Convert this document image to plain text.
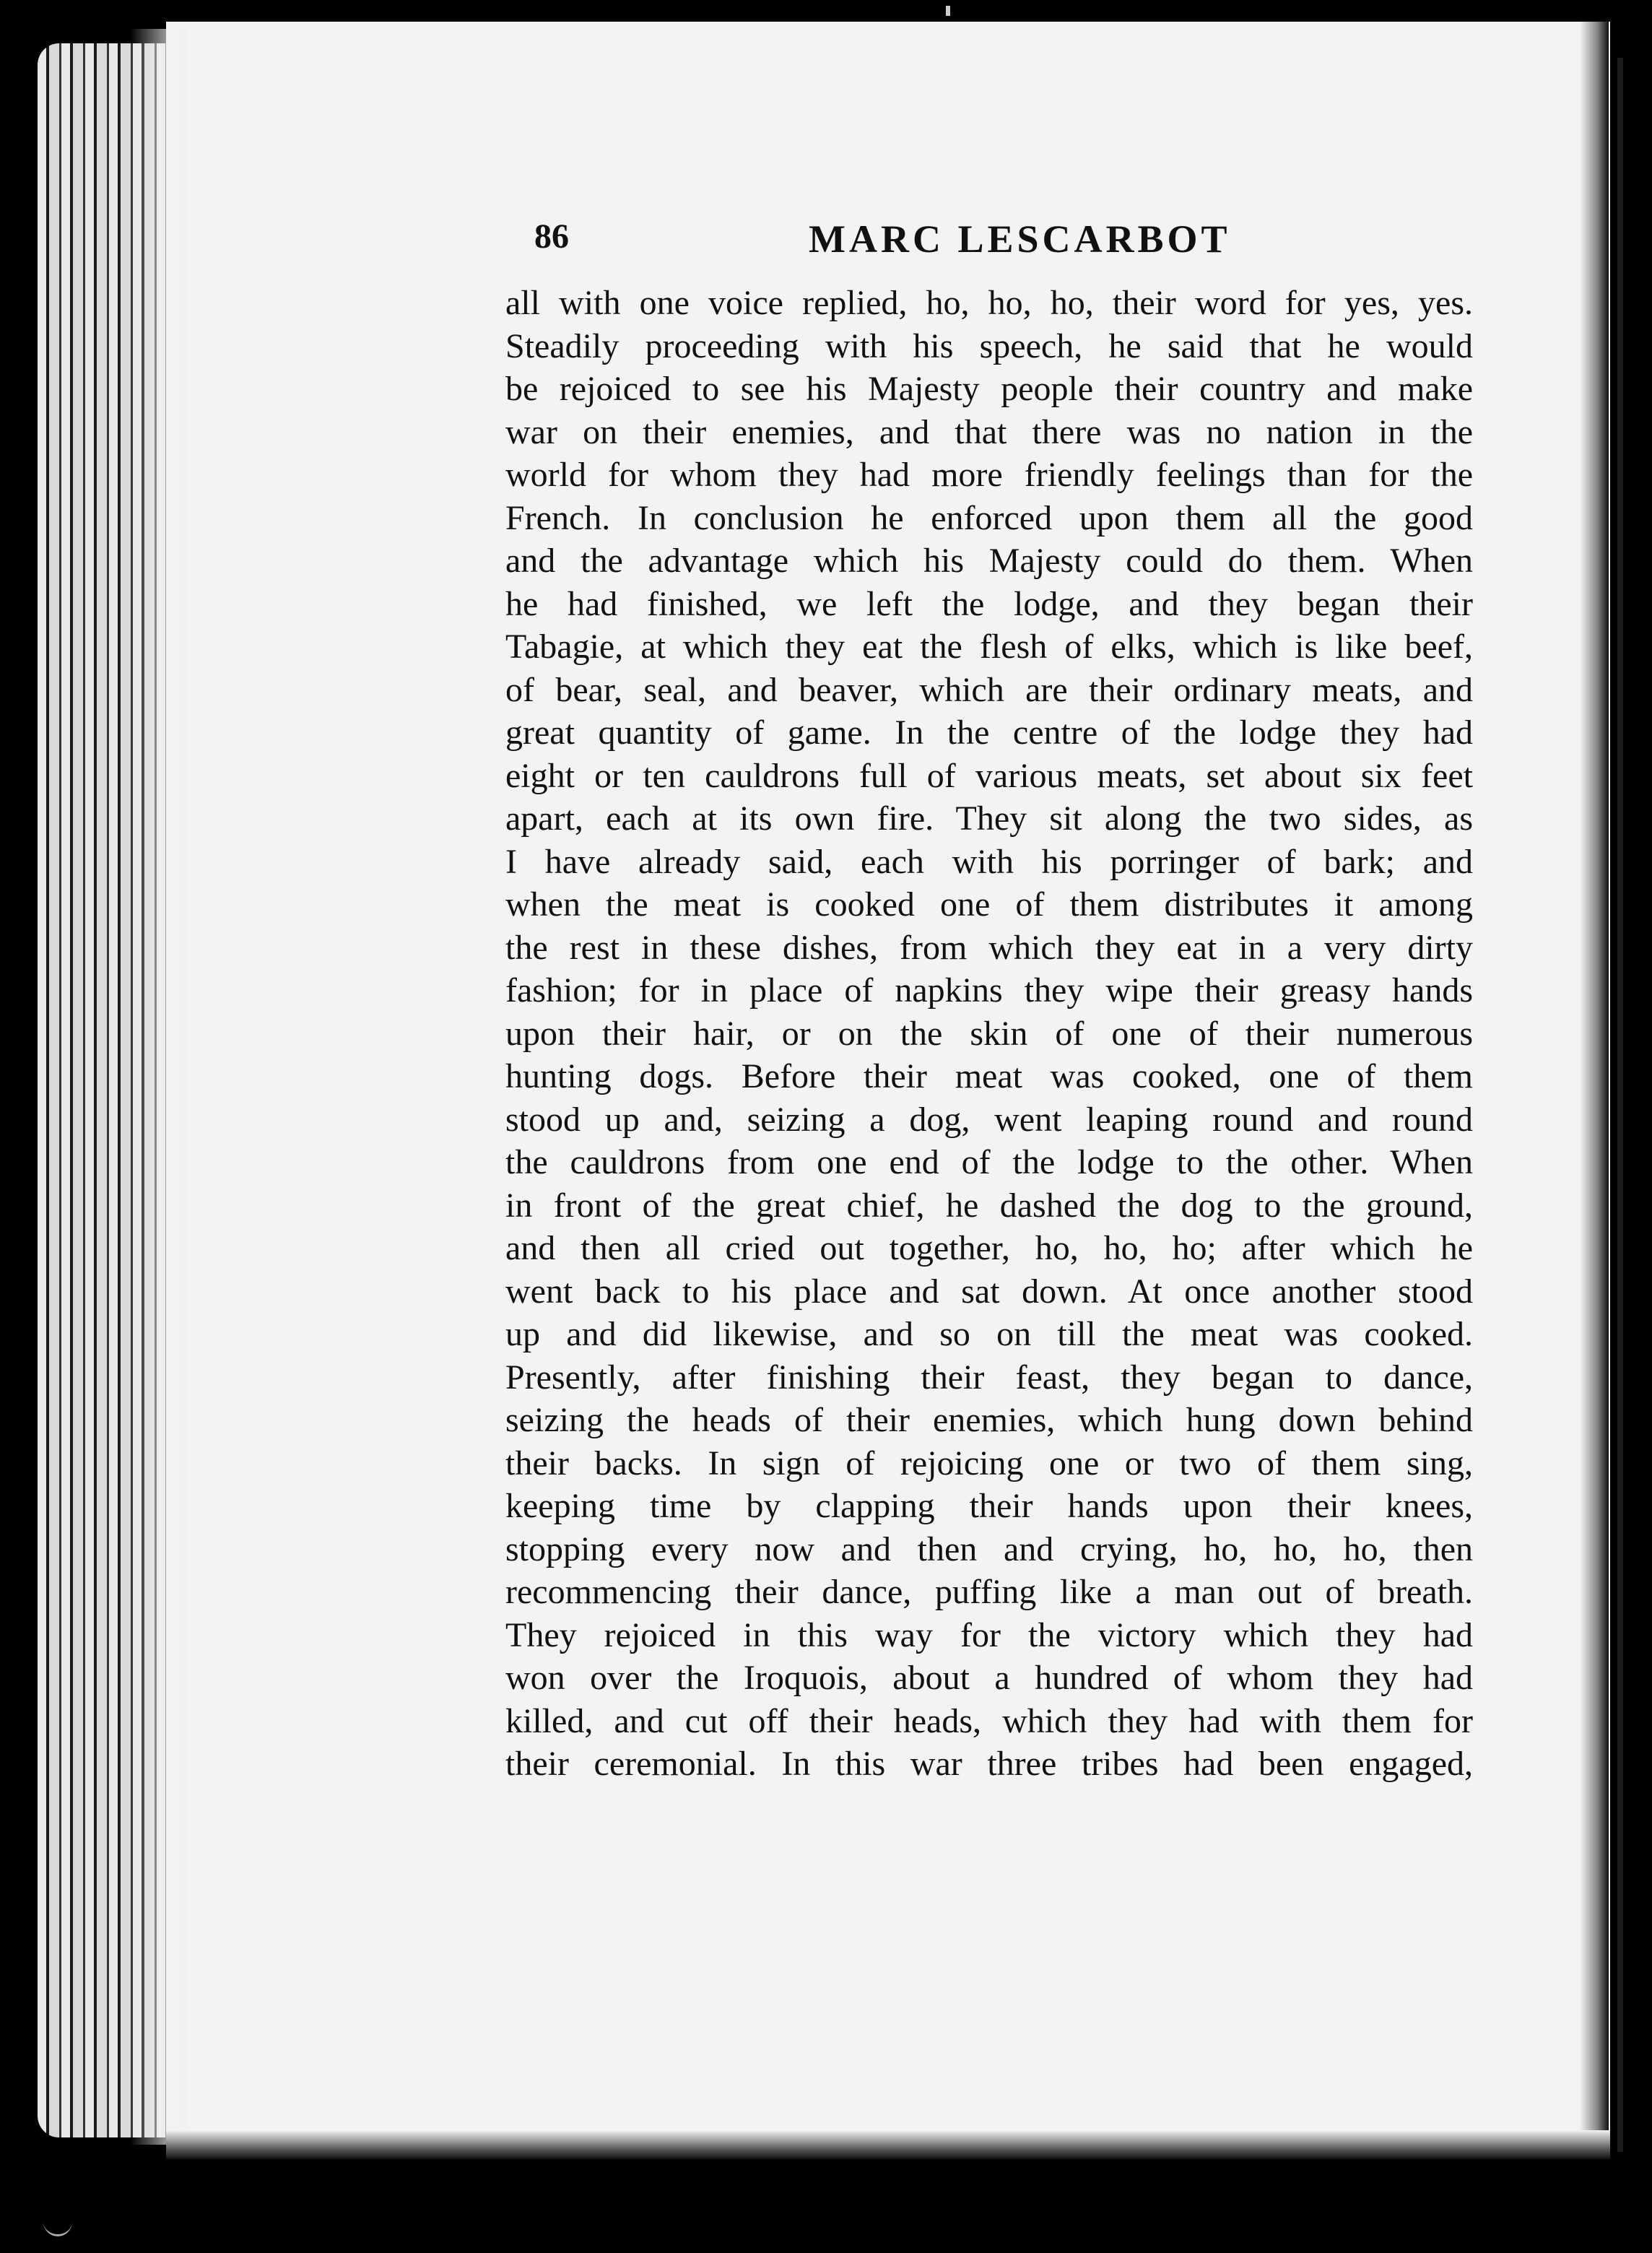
86	MARC LESCARBOT
all with one voice replied, ho, ho, ho, their word for yes, yes.
Steadily proceeding with his speech, he said that he would
be rejoiced to see his Majesty people their country and make
war on their enemies, and that there was no nation in the
world for whom they had more friendly feelings than for the
French. In conclusion he enforced upon them all the good
and the advantage which his Majesty could do them. When
he had finished, we left the lodge, and they began their
Tabagie, at which they eat the flesh of elks, which is like beef,
of bear, seal, and beaver, which are their ordinary meats, and
great quantity of game. In the centre of the lodge they had
eight or ten cauldrons full of various meats, set about six feet
apart, each at its own fire. They sit along the two sides, as
I have already said, each with his porringer of bark; and
when the meat is cooked one of them distributes it among
the rest in these dishes, from which they eat in a very dirty
fashion; for in place of napkins they wipe their greasy hands
upon their hair, or on the skin of one of their numerous
hunting dogs. Before their meat was cooked, one of them
stood up and, seizing a dog, went leaping round and round
the cauldrons from one end of the lodge to the other. When
in front of the great chief, he dashed the dog to the ground,
and then all cried out together, ho, ho, ho; after which he
went back to his place and sat down. At once another stood
up and did likewise, and so on till the meat was cooked.
Presently, after finishing their feast, they began to dance,
seizing the heads of their enemies, which hung down behind
their backs. In sign of rejoicing one or two of them sing,
keeping time by clapping their hands upon their knees,
stopping every now and then and crying, ho, ho, ho, then
recommencing their dance, puffing like a man out of breath.
They rejoiced in this way for the victory which they had
won over the Iroquois, about a hundred of whom they had
killed, and cut off their heads, which they had with them for
their ceremonial. In this war three tribes had been engaged,
